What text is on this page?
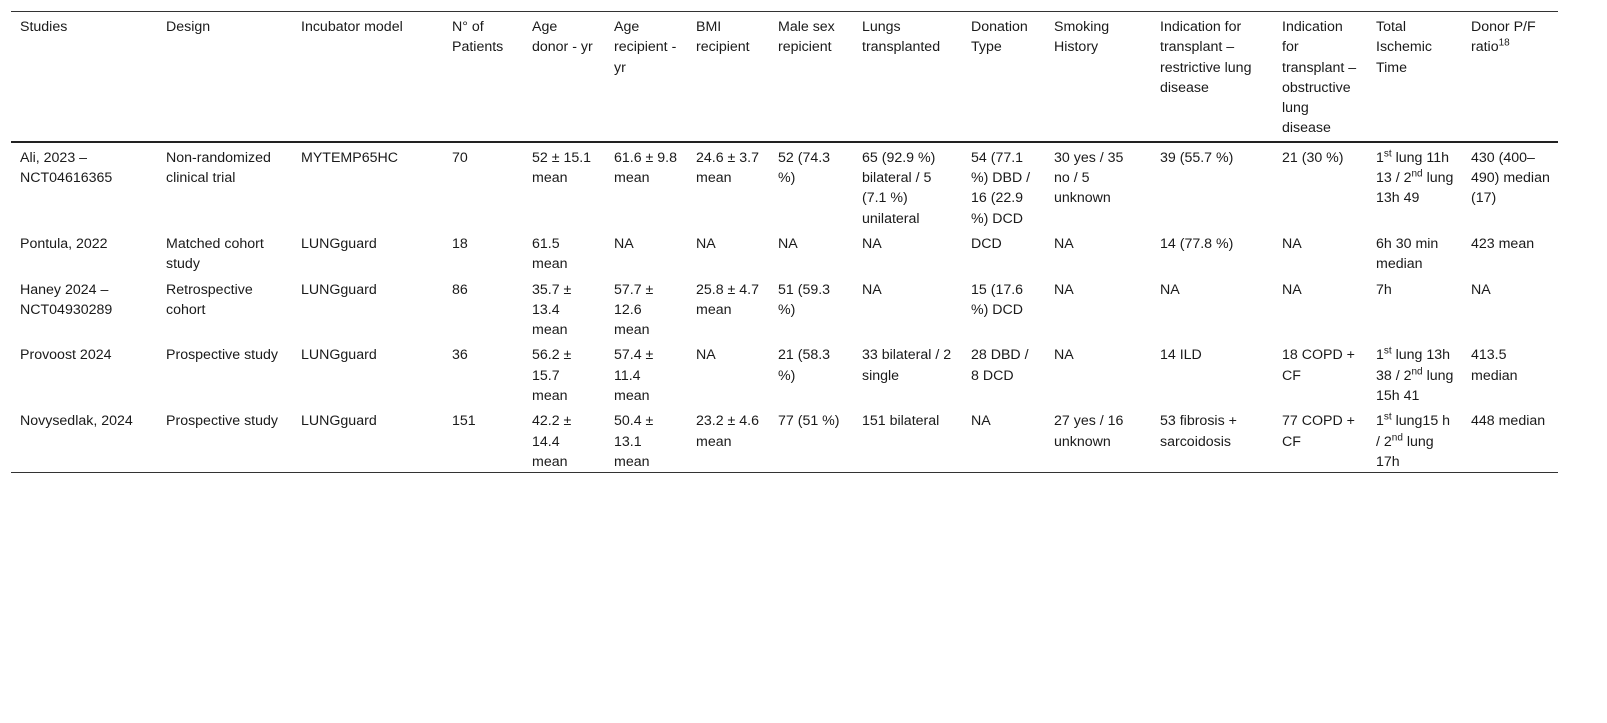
Studies	Design	Incubator model	N° of Patients	Age donor - yr	Age recipient - yr	BMI recipient	Male sex repicient	Lungs transplanted	Donation Type	Smoking History	Indication for transplant – restrictive lung disease	Indication for transplant – obstructive lung disease	Total Ischemic Time	Donor P/F ratio$^{18}$
Ali, 2023 – NCT04616365	Non-randomized clinical trial	MYTEMP65HC	70	52 ± 15.1 mean	61.6 ± 9.8 mean	24.6 ± 3.7 mean	52 (74.3 %)	65 (92.9 %) bilateral / 5 (7.1 %) unilateral	54 (77.1 %) DBD / 16 (22.9 %) DCD	30 yes / 35 no / 5 unknown	39 (55.7 %)	21 (30 %)	1st lung 11h 13 / 2nd lung 13h 49	430 (400–490) median (17)
Pontula, 2022	Matched cohort study	LUNGguard	18	61.5 mean	NA	NA	NA	NA	DCD	NA	14 (77.8 %)	NA	6h 30 min median	423 mean
Haney 2024 – NCT04930289	Retrospective cohort	LUNGguard	86	35.7 ± 13.4 mean	57.7 ± 12.6 mean	25.8 ± 4.7 mean	51 (59.3 %)	NA	15 (17.6 %) DCD	NA	NA	NA	7h	NA
Provoost 2024	Prospective study	LUNGguard	36	56.2 ± 15.7 mean	57.4 ± 11.4 mean	NA	21 (58.3 %)	33 bilateral / 2 single	28 DBD / 8 DCD	NA	14 ILD	18 COPD + CF	1st lung 13h 38 / 2nd lung 15h 41	413.5 median
Novysedlak, 2024	Prospective study	LUNGguard	151	42.2 ± 14.4 mean	50.4 ± 13.1 mean	23.2 ± 4.6 mean	77 (51 %)	151 bilateral	NA	27 yes / 16 unknown	53 fibrosis + sarcoidosis	77 COPD + CF	1st lung15 h / 2nd lung 17h	448 median
